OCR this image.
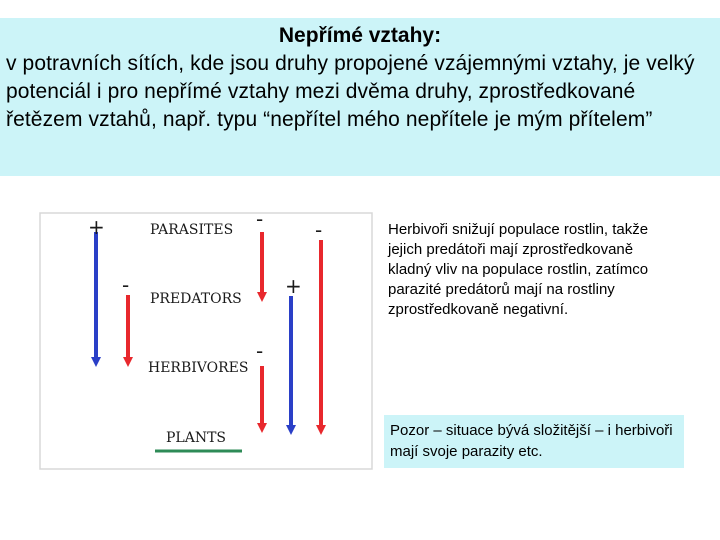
Nepřímé vztahy:
v potravních sítích, kde jsou druhy propojené vzájemnými vztahy, je velký potenciál i pro nepřímé vztahy mezi dvěma druhy, zprostředkované řetězem vztahů, např. typu “nepřítel mého nepřítele je mým přítelem”
PARASITES
PREDATORS
HERBIVORES
PLANTS
+
-
-
-
+
-	Herbivoři snižují populace rostlin, takže jejich predátoři mají zprostředkovaně kladný vliv na populace rostlin, zatímco parazité predátorů mají na rostliny zprostředkovaně negativní.
Pozor – situace bývá složitější – i herbivoři mají svoje parazity etc.
